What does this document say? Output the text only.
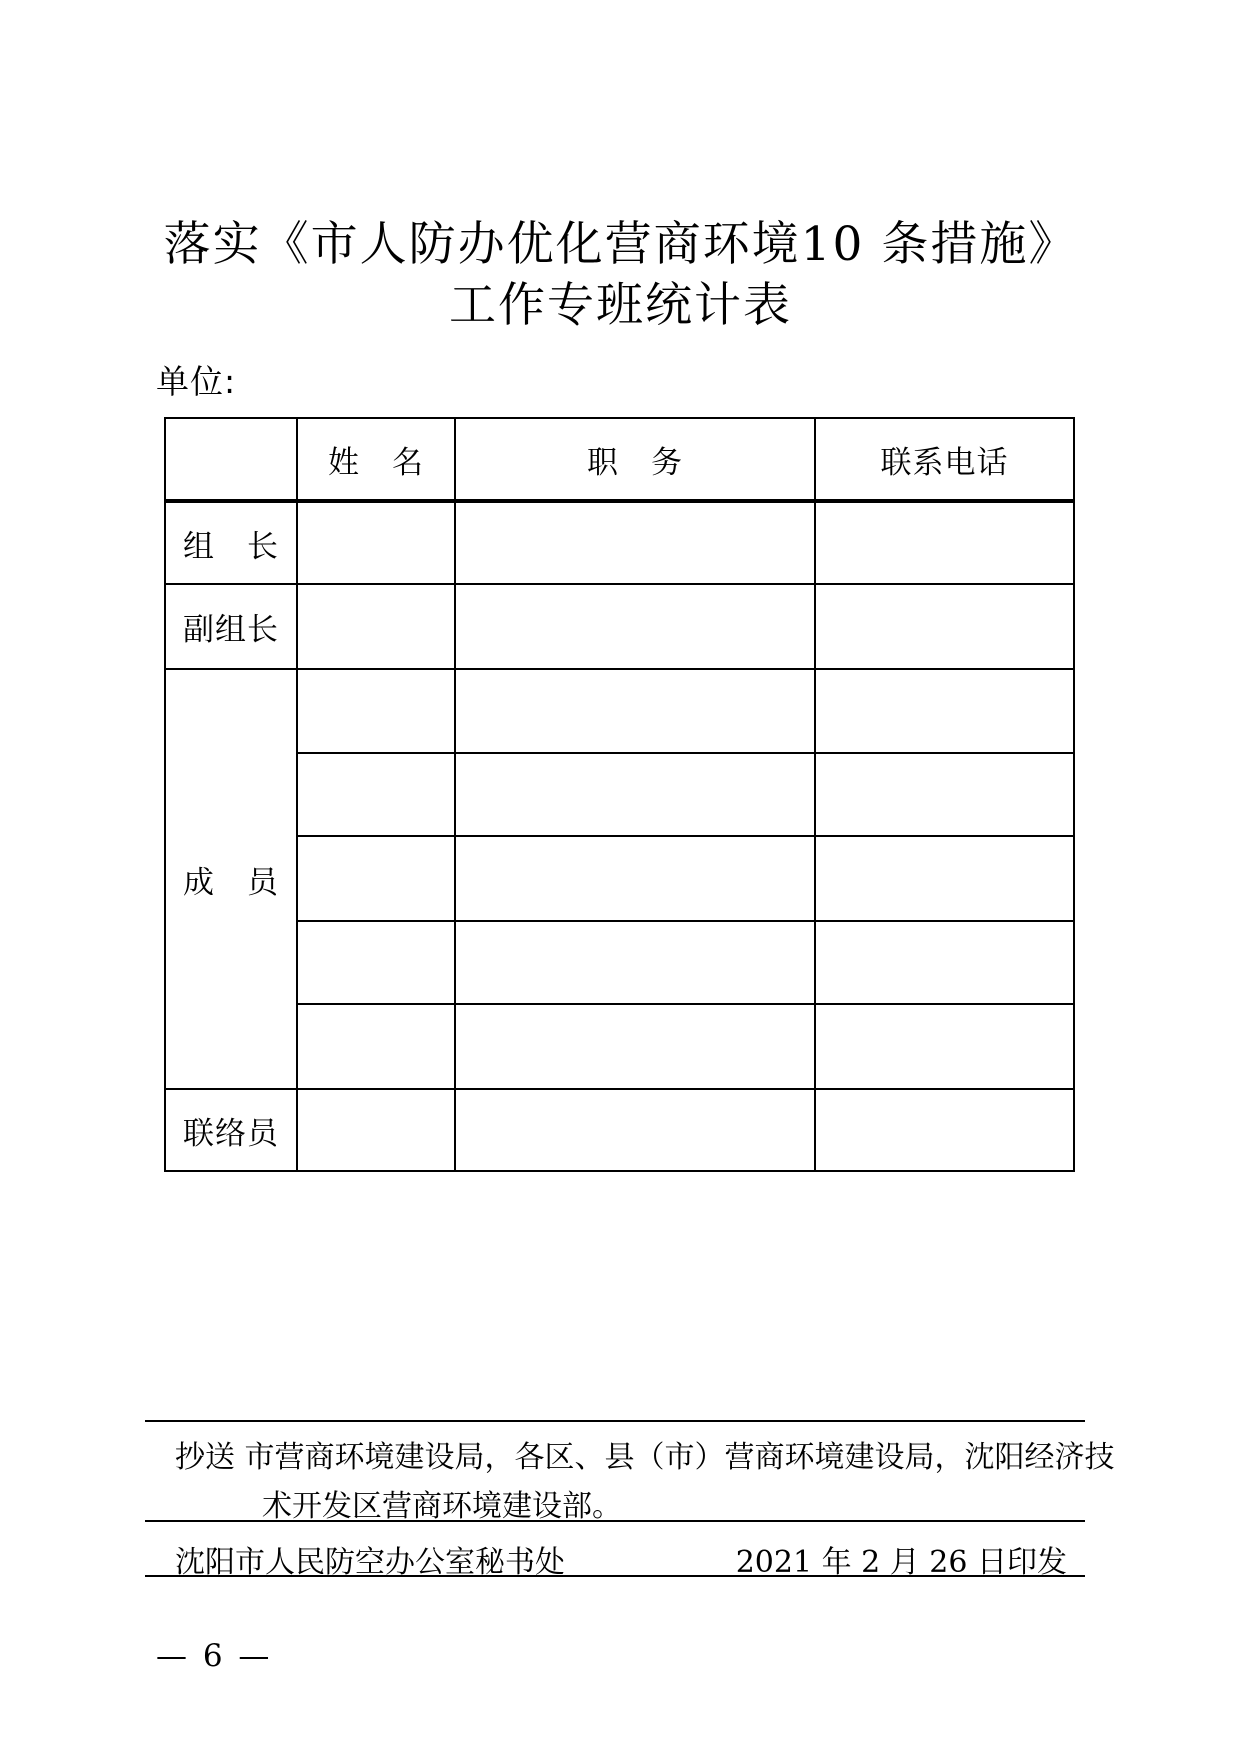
落实《市人防办优化营商环境10 条措施》
工作专班统计表
单位:
	姓　名	职　务	联系电话
组　长			
副组长			
成　员			

联络员			
抄送 市营商环境建设局，各区、县（市）营商环境建设局，沈阳经济技
术开发区营商环境建设部。
沈阳市人民防空办公室秘书处	2021 年 2 月 26 日印发
— 6 —
